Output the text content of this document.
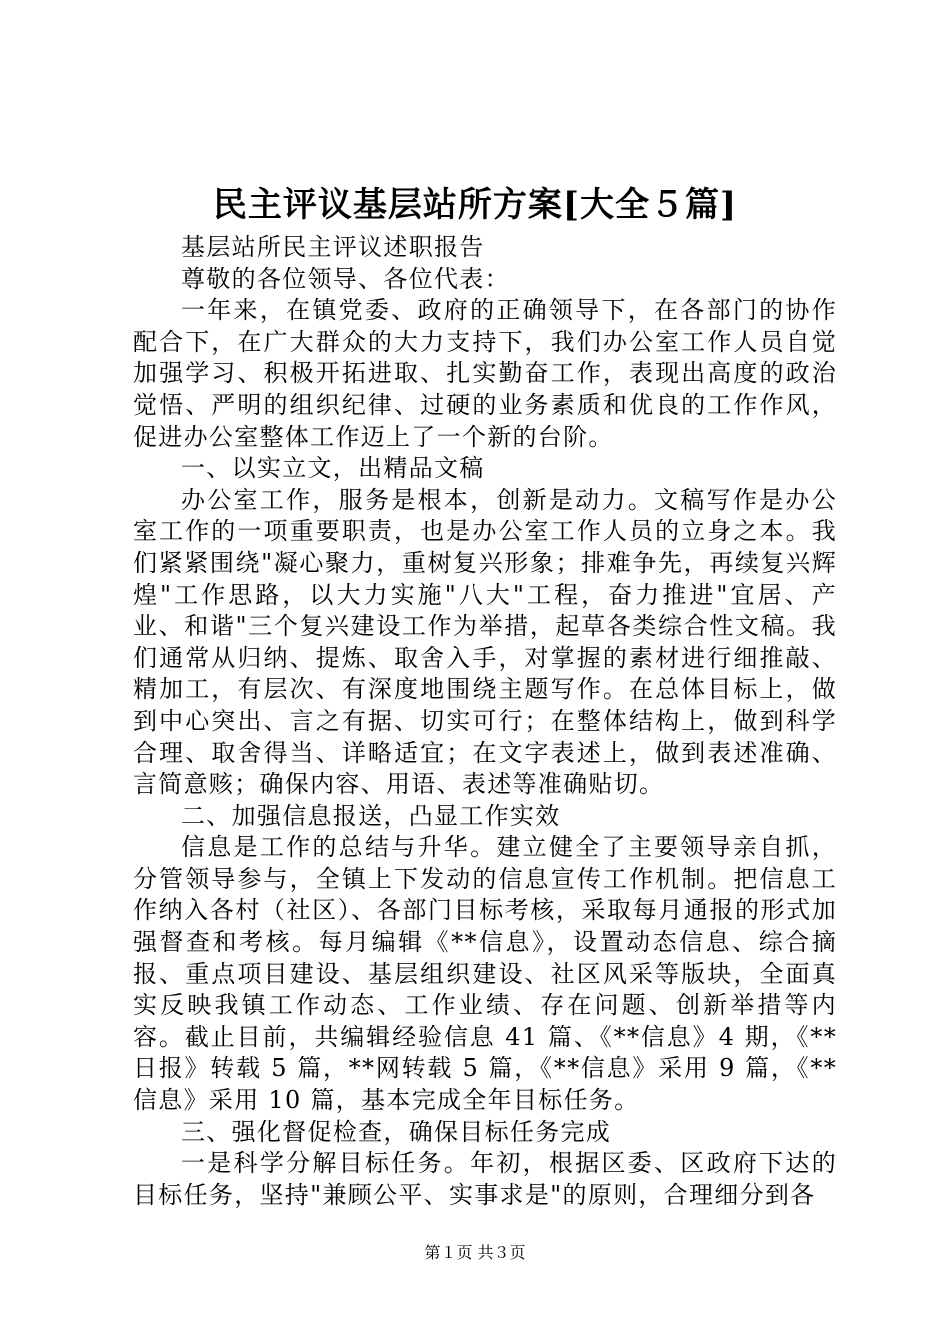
民主评议基层站所方案[大全５篇]

基层站所民主评议述职报告

尊敬的各位领导、各位代表：

一年来，在镇党委、政府的正确领导下，在各部门的协作配合下，在广大群众的大力支持下，我们办公室工作人员自觉加强学习、积极开拓进取、扎实勤奋工作，表现出高度的政治觉悟、严明的组织纪律、过硬的业务素质和优良的工作作风，促进办公室整体工作迈上了一个新的台阶。

一、以实立文，出精品文稿

办公室工作，服务是根本，创新是动力。文稿写作是办公室工作的一项重要职责，也是办公室工作人员的立身之本。我们紧紧围绕"凝心聚力，重树复兴形象；排难争先，再续复兴辉煌"工作思路，以大力实施"八大"工程，奋力推进"宜居、产业、和谐"三个复兴建设工作为举措，起草各类综合性文稿。我们通常从归纳、提炼、取舍入手，对掌握的素材进行细推敲、精加工，有层次、有深度地围绕主题写作。在总体目标上，做到中心突出、言之有据、切实可行；在整体结构上，做到科学合理、取舍得当、详略适宜；在文字表述上，做到表述准确、言简意赅；确保内容、用语、表述等准确贴切。

二、加强信息报送，凸显工作实效

信息是工作的总结与升华。建立健全了主要领导亲自抓，分管领导参与，全镇上下发动的信息宣传工作机制。把信息工作纳入各村（社区）、各部门目标考核，采取每月通报的形式加强督查和考核。每月编辑《**信息》，设置动态信息、综合摘报、重点项目建设、基层组织建设、社区风采等版块，全面真实反映我镇工作动态、工作业绩、存在问题、创新举措等内容。截止目前，共编辑经验信息 41 篇、《**信息》4 期，《**日报》转载 5 篇，**网转载 5 篇，《**信息》采用 9 篇，《**信息》采用 10 篇，基本完成全年目标任务。

三、强化督促检查，确保目标任务完成

一是科学分解目标任务。年初，根据区委、区政府下达的目标任务，坚持"兼顾公平、实事求是"的原则，合理细分到各

第１页 共３页
